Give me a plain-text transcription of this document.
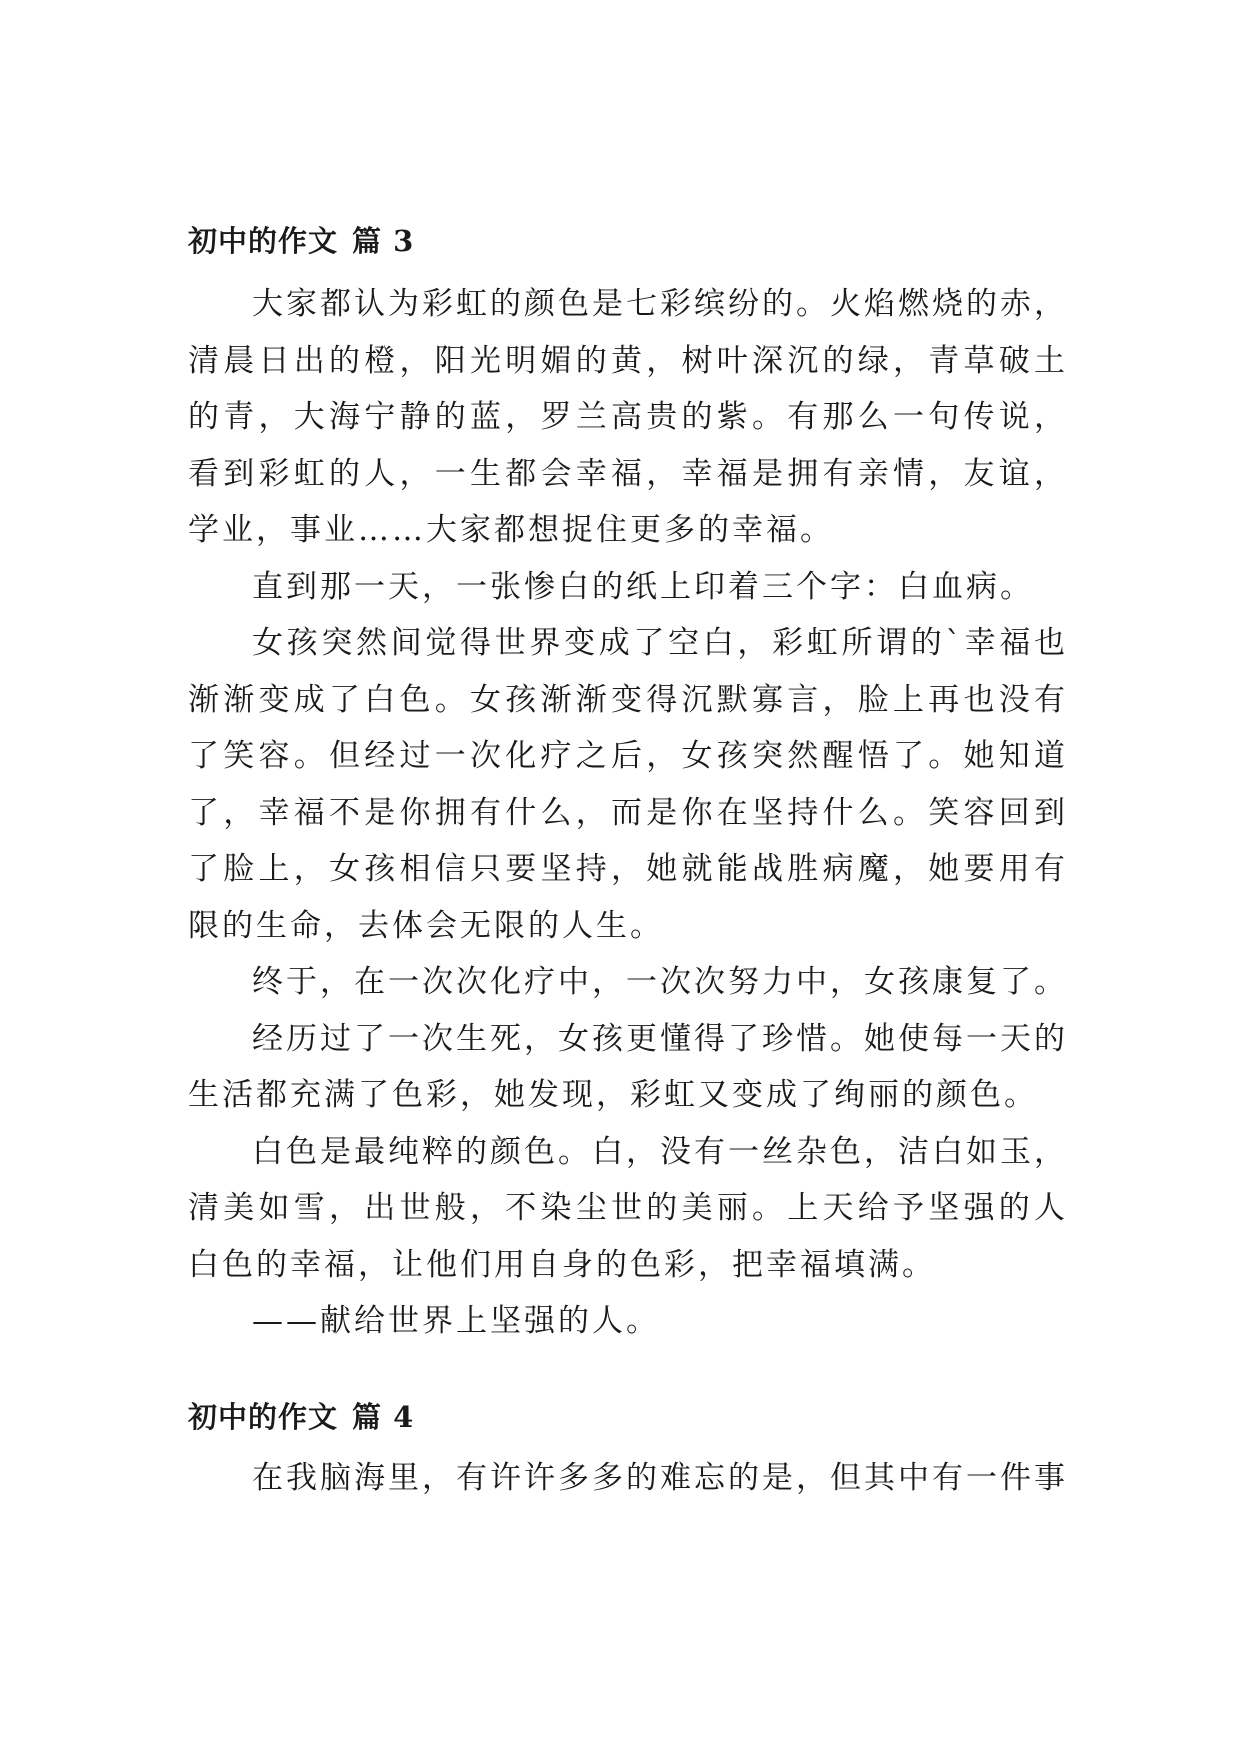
初中的作文 篇 3

大家都认为彩虹的颜色是七彩缤纷的。火焰燃烧的赤，清晨日出的橙，阳光明媚的黄，树叶深沉的绿，青草破土的青，大海宁静的蓝，罗兰高贵的紫。有那么一句传说，看到彩虹的人，一生都会幸福，幸福是拥有亲情，友谊，学业，事业……大家都想捉住更多的幸福。

直到那一天，一张惨白的纸上印着三个字：白血病。

女孩突然间觉得世界变成了空白，彩虹所谓的`幸福也渐渐变成了白色。女孩渐渐变得沉默寡言，脸上再也没有了笑容。但经过一次化疗之后，女孩突然醒悟了。她知道了，幸福不是你拥有什么，而是你在坚持什么。笑容回到了脸上，女孩相信只要坚持，她就能战胜病魔，她要用有限的生命，去体会无限的人生。

终于，在一次次化疗中，一次次努力中，女孩康复了。

经历过了一次生死，女孩更懂得了珍惜。她使每一天的生活都充满了色彩，她发现，彩虹又变成了绚丽的颜色。

白色是最纯粹的颜色。白，没有一丝杂色，洁白如玉，清美如雪，出世般，不染尘世的美丽。上天给予坚强的人白色的幸福，让他们用自身的色彩，把幸福填满。

——献给世界上坚强的人。

初中的作文 篇 4

在我脑海里，有许许多多的难忘的是，但其中有一件事
